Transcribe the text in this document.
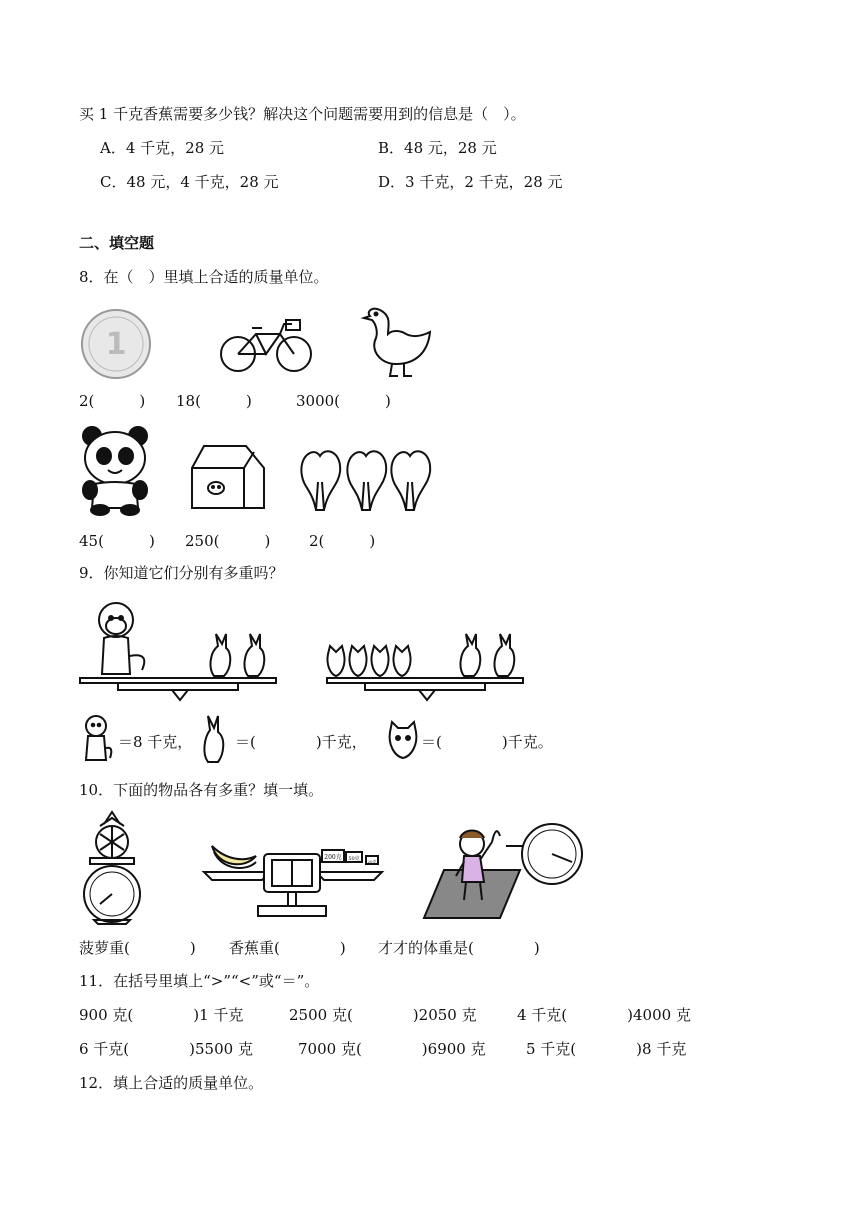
买 1 千克香蕉需要多少钱？解决这个问题需要用到的信息是（　）。
A．4 千克，28 元	B．48 元，28 元
C．48 元，4 千克，28 元	D．3 千克，2 千克，28 元
二、填空题
8．在（　）里填上合适的质量单位。
1
2(　　　) 18(　　　)	3000(　　　)
45(　　　) 250(　　　)	2(　　　)
9．你知道它们分别有多重吗？
＝8 千克，	＝(　　　　)千克，	＝(　　　　)千克。
10．下面的物品各有多重？填一填。
200克 50克 20克
菠萝重(　　　　) 香蕉重(　　　　) 才才的体重是(　　　　)
11．在括号里填上“>”“<”或“＝”。
900 克(　　　　)1 千克	2500 克(　　　　)2050 克	4 千克(　　　　)4000 克
6 千克(　　　　)5500 克	7000 克(　　　　)6900 克	5 千克(　　　　)8 千克
12．填上合适的质量单位。
